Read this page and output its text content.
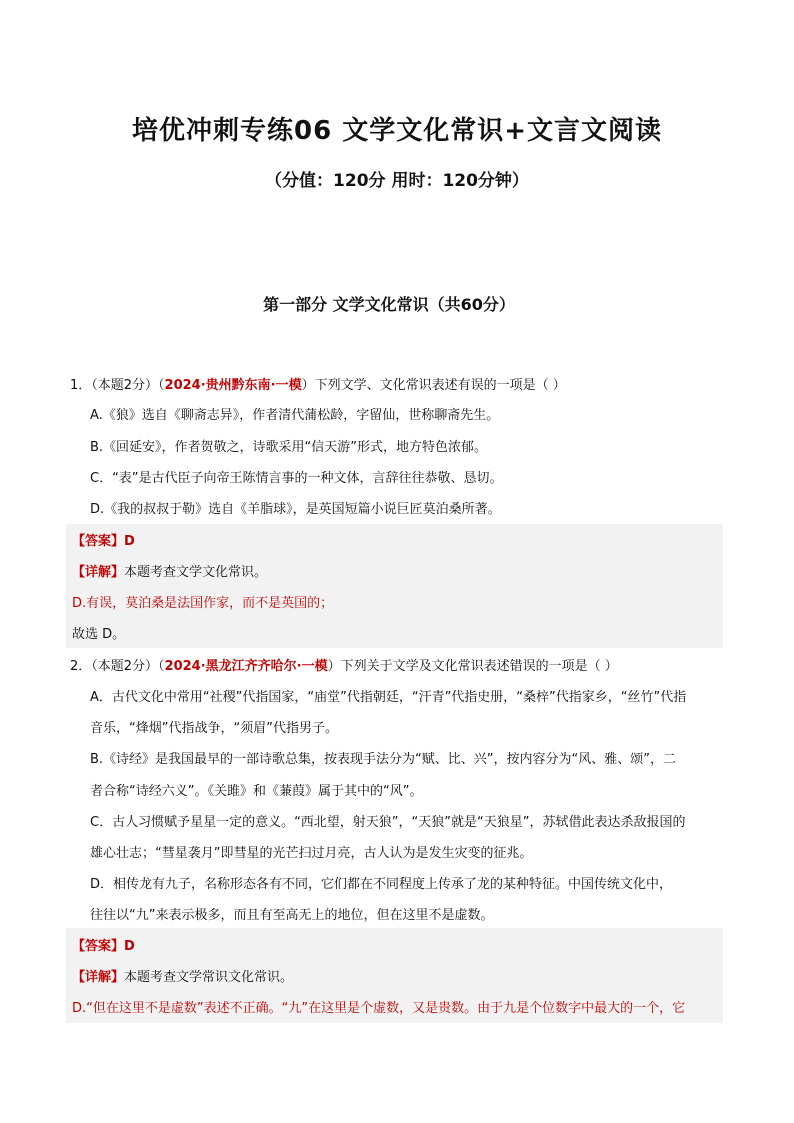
培优冲刺专练06 文学文化常识+文言文阅读
（分值：120分 用时：120分钟）
第一部分 文学文化常识（共60分）
1．（本题2分）（2024·贵州黔东南·一模）下列文学、文化常识表述有误的一项是（ ）
A.《狼》选自《聊斋志异》，作者清代蒲松龄，字留仙，世称聊斋先生。
B.《回延安》，作者贺敬之，诗歌采用“信天游”形式，地方特色浓郁。
C．“表”是古代臣子向帝王陈情言事的一种文体，言辞往往恭敬、恳切。
D.《我的叔叔于勒》选自《羊脂球》，是英国短篇小说巨匠莫泊桑所著。
【答案】D
【详解】本题考查文学文化常识。
D.有误，莫泊桑是法国作家，而不是英国的；
故选 D。
2．（本题2分）（2024·黑龙江齐齐哈尔·一模）下列关于文学及文化常识表述错误的一项是（ ）
A．古代文化中常用“社稷”代指国家，“庙堂”代指朝廷，“汗青”代指史册，“桑梓”代指家乡，“丝竹”代指
音乐，“烽烟”代指战争，“须眉”代指男子。
B.《诗经》是我国最早的一部诗歌总集，按表现手法分为“赋、比、兴”，按内容分为“风、雅、颂”，二
者合称“诗经六义”。《关雎》和《蒹葭》属于其中的“风”。
C．古人习惯赋予星星一定的意义。“西北望，射天狼”，“天狼”就是“天狼星”，苏轼借此表达杀敌报国的
雄心壮志；“彗星袭月”即彗星的光芒扫过月亮，古人认为是发生灾变的征兆。
D．相传龙有九子，名称形态各有不同，它们都在不同程度上传承了龙的某种特征。中国传统文化中，
往往以“九”来表示极多，而且有至高无上的地位，但在这里不是虚数。
【答案】D
【详解】本题考查文学常识文化常识。
D.“但在这里不是虚数”表述不正确。“九”在这里是个虚数，又是贵数。由于九是个位数字中最大的一个，它
